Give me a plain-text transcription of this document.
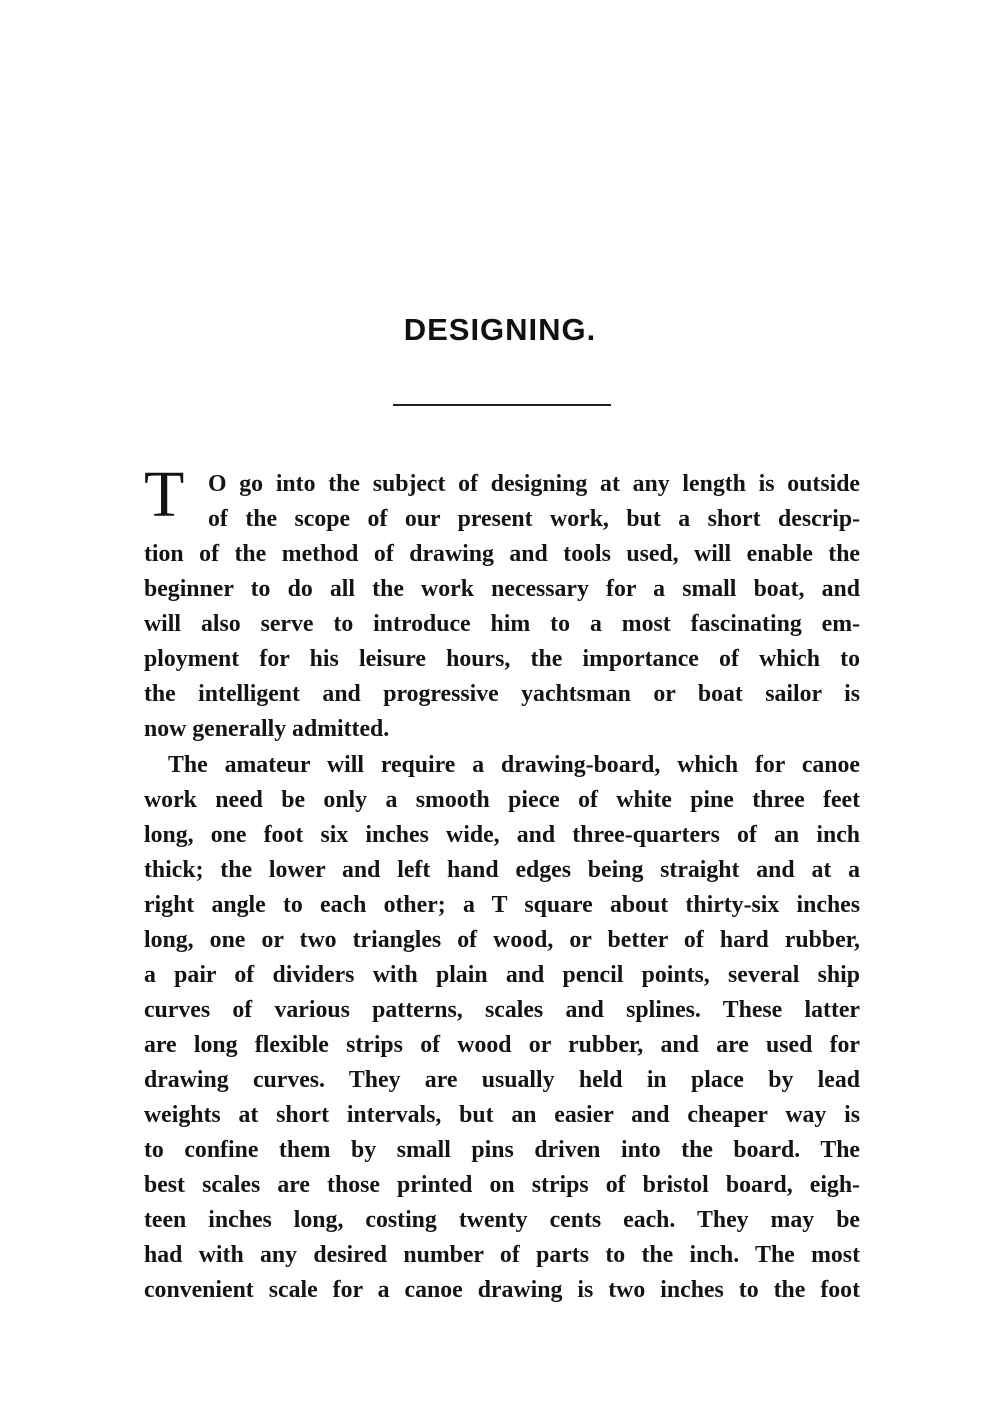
DESIGNING.
T O go into the subject of designing at any length is outside
of the scope of our present work, but a short descrip-
tion of the method of drawing and tools used, will enable the
beginner to do all the work necessary for a small boat, and
will also serve to introduce him to a most fascinating em-
ployment for his leisure hours, the importance of which to
the intelligent and progressive yachtsman or boat sailor is
now generally admitted.
The amateur will require a drawing-board, which for canoe
work need be only a smooth piece of white pine three feet
long, one foot six inches wide, and three-quarters of an inch
thick; the lower and left hand edges being straight and at a
right angle to each other; a T square about thirty-six inches
long, one or two triangles of wood, or better of hard rubber,
a pair of dividers with plain and pencil points, several ship
curves of various patterns, scales and splines. These latter
are long flexible strips of wood or rubber, and are used for
drawing curves. They are usually held in place by lead
weights at short intervals, but an easier and cheaper way is
to confine them by small pins driven into the board. The
best scales are those printed on strips of bristol board, eigh-
teen inches long, costing twenty cents each. They may be
had with any desired number of parts to the inch. The most
convenient scale for a canoe drawing is two inches to the foot
